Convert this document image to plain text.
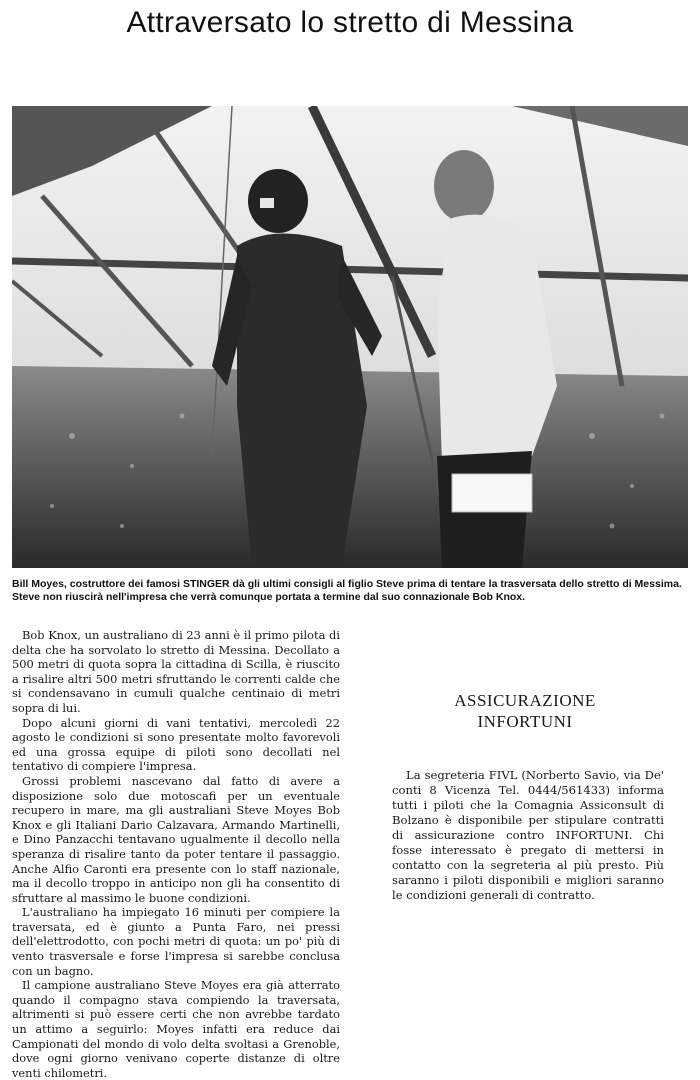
Attraversato lo stretto di Messina
Bill Moyes, costruttore dei famosi STINGER dà gli ultimi consigli al figlio Steve prima di tentare la trasversata dello stretto di Messima. Steve non riuscirà nell'impresa che verrà comunque portata a termine dal suo connazionale Bob Knox.

Bob Knox, un australiano di 23 anni è il primo pilota di delta che ha sorvolato lo stretto di Messina. Decollato a 500 metri di quota sopra la cittadina di Scilla, è riuscito a risalire altri 500 metri sfruttando le correnti calde che si condensavano in cumuli qualche centinaio di metri sopra di lui.

Dopo alcuni giorni di vani tentativi, mercoledì 22 agosto le condizioni si sono presentate molto favorevoli ed una grossa equipe di piloti sono decollati nel tentativo di compiere l'impresa.

Grossi problemi nascevano dal fatto di avere a disposizione solo due motoscafi per un eventuale recupero in mare, ma gli australiani Steve Moyes Bob Knox e gli Italiani Dario Calzavara, Armando Martinelli, e Dino Panzacchi tentavano ugualmente il decollo nella speranza di risalire tanto da poter tentare il passaggio. Anche Alfio Caronti era presente con lo staff nazionale, ma il decollo troppo in anticipo non gli ha consentito di sfruttare al massimo le buone condizioni.

L'australiano ha impiegato 16 minuti per compiere la traversata, ed è giunto a Punta Faro, nei pressi dell'elettrodotto, con pochi metri di quota: un po' più di vento trasversale e forse l'impresa si sarebbe conclusa con un bagno.

Il campione australiano Steve Moyes era già atterrato quando il compagno stava compiendo la traversata, altrimenti si può essere certi che non avrebbe tardato un attimo a seguirlo: Moyes infatti era reduce dai Campionati del mondo di volo delta svoltasi a Grenoble, dove ogni giorno venivano coperte distanze di oltre venti chilometri.

ASSICURAZIONE
INFORTUNI

La segreteria FIVL (Norberto Savio, via De' conti 8 Vicenza Tel. 0444/561433) informa tutti i piloti che la Comagnia Assiconsult di Bolzano è disponibile per stipulare contratti di assicurazione contro INFORTUNI. Chi fosse interessato è pregato di mettersi in contatto con la segreteria al più presto. Più saranno i piloti disponibili e migliori saranno le condizioni generali di contratto.
